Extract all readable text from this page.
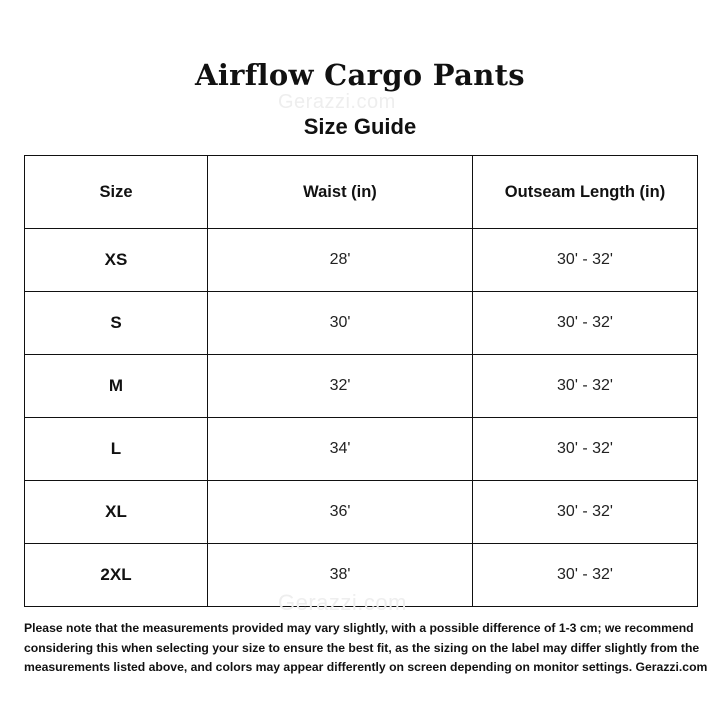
Airflow Cargo Pants
Gerazzi.com
Size Guide
Size	Waist (in)	Outseam Length (in)
XS	28'	30' - 32'
S	30'	30' - 32'
M	32'	30' - 32'
L	34'	30' - 32'
XL	36'	30' - 32'
2XL	38'	30' - 32'
Gerazzi.com
Please note that the measurements provided may vary slightly, with a possible difference of 1-3 cm; we recommend considering this when selecting your size to ensure the best fit, as the sizing on the label may differ slightly from the measurements listed above, and colors may appear differently on screen depending on monitor settings. Gerazzi.com
